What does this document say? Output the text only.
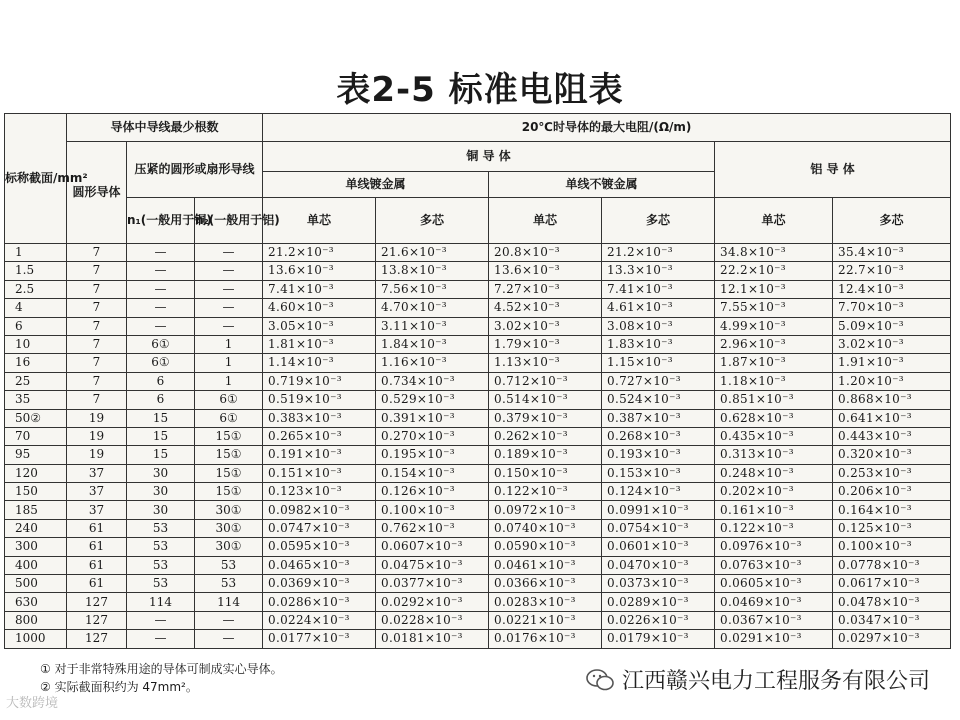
表2-5 标准电阻表
标称截面/mm²	导体中导线最少根数			20℃时导体的最大电阻/(Ω/m)					
	圆形导体	压紧的圆形或扇形导线		铜 导 体				铝 导 体	
				单线镀金属		单线不镀金属			
		n₁(一般用于铜)	n₂(一般用于铝)	单芯	多芯	单芯	多芯	单芯	多芯
1	7	—	—	21.2×10⁻³	21.6×10⁻³	20.8×10⁻³	21.2×10⁻³	34.8×10⁻³	35.4×10⁻³
1.5	7	—	—	13.6×10⁻³	13.8×10⁻³	13.6×10⁻³	13.3×10⁻³	22.2×10⁻³	22.7×10⁻³
2.5	7	—	—	7.41×10⁻³	7.56×10⁻³	7.27×10⁻³	7.41×10⁻³	12.1×10⁻³	12.4×10⁻³
4	7	—	—	4.60×10⁻³	4.70×10⁻³	4.52×10⁻³	4.61×10⁻³	7.55×10⁻³	7.70×10⁻³
6	7	—	—	3.05×10⁻³	3.11×10⁻³	3.02×10⁻³	3.08×10⁻³	4.99×10⁻³	5.09×10⁻³
10	7	6①	1	1.81×10⁻³	1.84×10⁻³	1.79×10⁻³	1.83×10⁻³	2.96×10⁻³	3.02×10⁻³
16	7	6①	1	1.14×10⁻³	1.16×10⁻³	1.13×10⁻³	1.15×10⁻³	1.87×10⁻³	1.91×10⁻³
25	7	6	1	0.719×10⁻³	0.734×10⁻³	0.712×10⁻³	0.727×10⁻³	1.18×10⁻³	1.20×10⁻³
35	7	6	6①	0.519×10⁻³	0.529×10⁻³	0.514×10⁻³	0.524×10⁻³	0.851×10⁻³	0.868×10⁻³
50②	19	15	6①	0.383×10⁻³	0.391×10⁻³	0.379×10⁻³	0.387×10⁻³	0.628×10⁻³	0.641×10⁻³
70	19	15	15①	0.265×10⁻³	0.270×10⁻³	0.262×10⁻³	0.268×10⁻³	0.435×10⁻³	0.443×10⁻³
95	19	15	15①	0.191×10⁻³	0.195×10⁻³	0.189×10⁻³	0.193×10⁻³	0.313×10⁻³	0.320×10⁻³
120	37	30	15①	0.151×10⁻³	0.154×10⁻³	0.150×10⁻³	0.153×10⁻³	0.248×10⁻³	0.253×10⁻³
150	37	30	15①	0.123×10⁻³	0.126×10⁻³	0.122×10⁻³	0.124×10⁻³	0.202×10⁻³	0.206×10⁻³
185	37	30	30①	0.0982×10⁻³	0.100×10⁻³	0.0972×10⁻³	0.0991×10⁻³	0.161×10⁻³	0.164×10⁻³
240	61	53	30①	0.0747×10⁻³	0.762×10⁻³	0.0740×10⁻³	0.0754×10⁻³	0.122×10⁻³	0.125×10⁻³
300	61	53	30①	0.0595×10⁻³	0.0607×10⁻³	0.0590×10⁻³	0.0601×10⁻³	0.0976×10⁻³	0.100×10⁻³
400	61	53	53	0.0465×10⁻³	0.0475×10⁻³	0.0461×10⁻³	0.0470×10⁻³	0.0763×10⁻³	0.0778×10⁻³
500	61	53	53	0.0369×10⁻³	0.0377×10⁻³	0.0366×10⁻³	0.0373×10⁻³	0.0605×10⁻³	0.0617×10⁻³
630	127	114	114	0.0286×10⁻³	0.0292×10⁻³	0.0283×10⁻³	0.0289×10⁻³	0.0469×10⁻³	0.0478×10⁻³
800	127	—	—	0.0224×10⁻³	0.0228×10⁻³	0.0221×10⁻³	0.0226×10⁻³	0.0367×10⁻³	0.0347×10⁻³
1000	127	—	—	0.0177×10⁻³	0.0181×10⁻³	0.0176×10⁻³	0.0179×10⁻³	0.0291×10⁻³	0.0297×10⁻³
① 对于非常特殊用途的导体可制成实心导体。
② 实际截面积约为 47mm²。
大数跨境
江西赣兴电力工程服务有限公司
